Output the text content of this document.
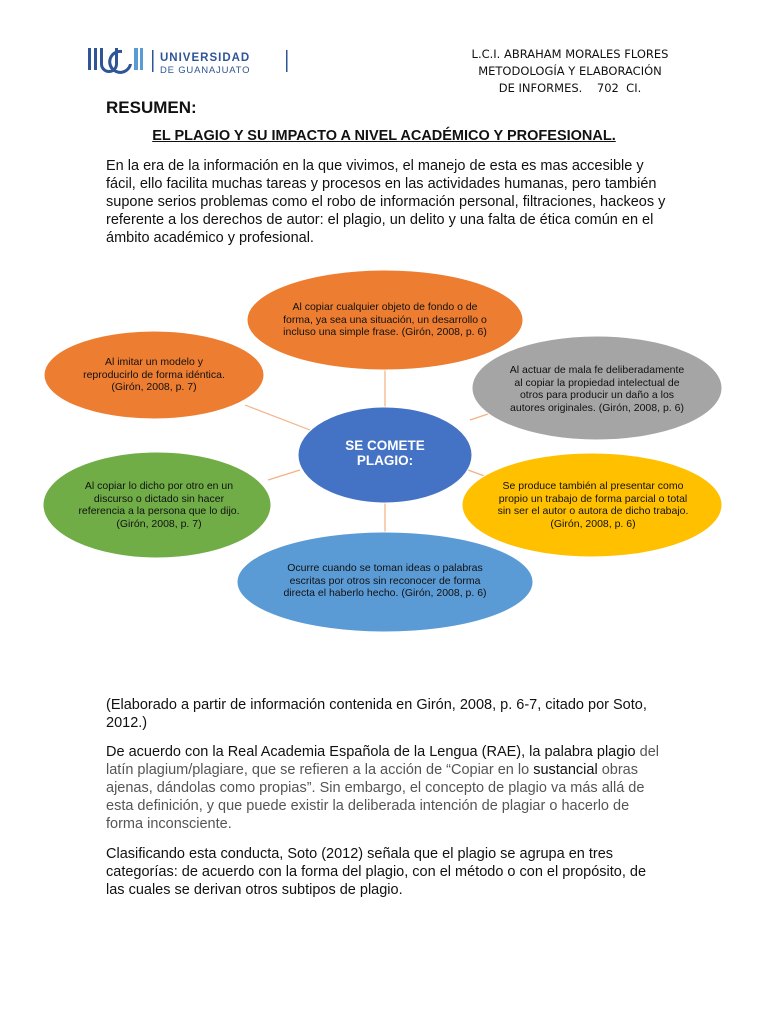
UNIVERSIDAD
DE GUANAJUATO
L.C.I. ABRAHAM MORALES FLORES
METODOLOGÍA Y ELABORACIÓN
DE INFORMES.    702  CI.
RESUMEN:
EL PLAGIO Y SU IMPACTO A NIVEL ACADÉMICO Y PROFESIONAL.
En la era de la información en la que vivimos, el manejo de esta es mas accesible y fácil, ello facilita muchas tareas y procesos en las actividades humanas, pero también supone serios problemas como el robo de información personal, filtraciones, hackeos y referente a los derechos de autor: el plagio, un delito y una falta de ética común en el ámbito académico y profesional.
Al copiar cualquier objeto de fondo o de forma, ya sea una situación, un desarrollo o incluso una simple frase. (Girón, 2008, p. 6)
Al imitar un modelo y reproducirlo de forma idéntica.(Girón, 2008, p. 7)
Al actuar de mala fe deliberadamente al copiar la propiedad intelectual de otros para producir un daño a los autores originales. (Girón, 2008, p. 6)
SE COMETE PLAGIO:
Al copiar lo dicho por otro en un discurso o dictado sin hacer referencia a la persona que lo dijo. (Girón, 2008, p. 7)
Se produce también al presentar como propio un trabajo de forma parcial o total sin ser el autor o autora de dicho trabajo. (Girón, 2008, p. 6)
Ocurre cuando se toman ideas o palabras escritas por otros sin reconocer de forma directa el haberlo hecho. (Girón, 2008, p. 6)
(Elaborado a partir de información contenida en Girón, 2008, p. 6-7, citado por Soto, 2012.)
De acuerdo con la Real Academia Española de la Lengua (RAE), la palabra plagio del latín plagium/plagiare, que se refieren a la acción de “Copiar en lo sustancial obras ajenas, dándolas como propias”. Sin embargo, el concepto de plagio va más allá de esta definición, y que puede existir la deliberada intención de plagiar o hacerlo de forma inconsciente.
Clasificando esta conducta, Soto (2012) señala que el plagio se agrupa en tres categorías: de acuerdo con la forma del plagio, con el método o con el propósito, de las cuales se derivan otros subtipos de plagio.
